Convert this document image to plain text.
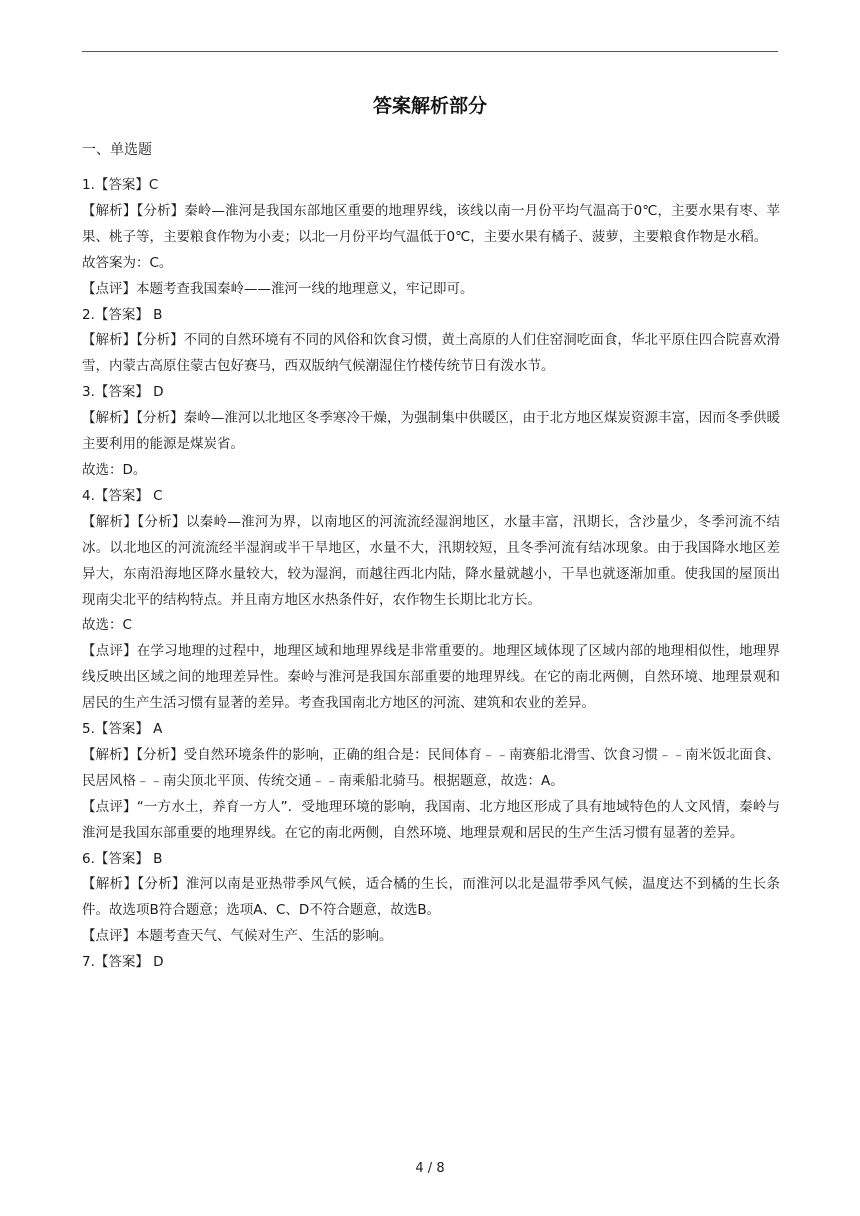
答案解析部分
一、单选题

1.【答案】C

【解析】【分析】秦岭—淮河是我国东部地区重要的地理界线，该线以南一月份平均气温高于0℃，主要水果有枣、苹果、桃子等，主要粮食作物为小麦；以北一月份平均气温低于0℃，主要水果有橘子、菠萝，主要粮食作物是水稻。

故答案为：C。

【点评】本题考查我国秦岭——淮河一线的地理意义，牢记即可。

2.【答案】 B

【解析】【分析】不同的自然环境有不同的风俗和饮食习惯，黄土高原的人们住窑洞吃面食，华北平原住四合院喜欢滑雪，内蒙古高原住蒙古包好赛马，西双版纳气候潮湿住竹楼传统节日有泼水节。

3.【答案】 D

【解析】【分析】秦岭—淮河以北地区冬季寒冷干燥，为强制集中供暖区，由于北方地区煤炭资源丰富，因而冬季供暖主要利用的能源是煤炭省。

故选：D。

4.【答案】 C

【解析】【分析】以秦岭—淮河为界，以南地区的河流流经湿润地区，水量丰富，汛期长，含沙量少，冬季河流不结冰。以北地区的河流流经半湿润或半干旱地区，水量不大，汛期较短，且冬季河流有结冰现象。由于我国降水地区差异大，东南沿海地区降水量较大，较为湿润，而越往西北内陆，降水量就越小，干旱也就逐渐加重。使我国的屋顶出现南尖北平的结构特点。并且南方地区水热条件好，农作物生长期比北方长。

故选：C

【点评】在学习地理的过程中，地理区域和地理界线是非常重要的。地理区域体现了区域内部的地理相似性，地理界线反映出区域之间的地理差异性。秦岭与淮河是我国东部重要的地理界线。在它的南北两侧，自然环境、地理景观和居民的生产生活习惯有显著的差异。考查我国南北方地区的河流、建筑和农业的差异。

5.【答案】 A

【解析】【分析】受自然环境条件的影响，正确的组合是：民间体育﹣﹣南赛船北滑雪、饮食习惯﹣﹣南米饭北面食、民居风格﹣﹣南尖顶北平顶、传统交通﹣﹣南乘船北骑马。根据题意，故选：A。

【点评】“一方水土，养育一方人”．受地理环境的影响，我国南、北方地区形成了具有地域特色的人文风情，秦岭与淮河是我国东部重要的地理界线。在它的南北两侧，自然环境、地理景观和居民的生产生活习惯有显著的差异。

6.【答案】 B

【解析】【分析】淮河以南是亚热带季风气候，适合橘的生长，而淮河以北是温带季风气候，温度达不到橘的生长条件。故选项B符合题意；选项A、C、D不符合题意，故选B。

【点评】本题考查天气、气候对生产、生活的影响。

7.【答案】 D

4 / 8
